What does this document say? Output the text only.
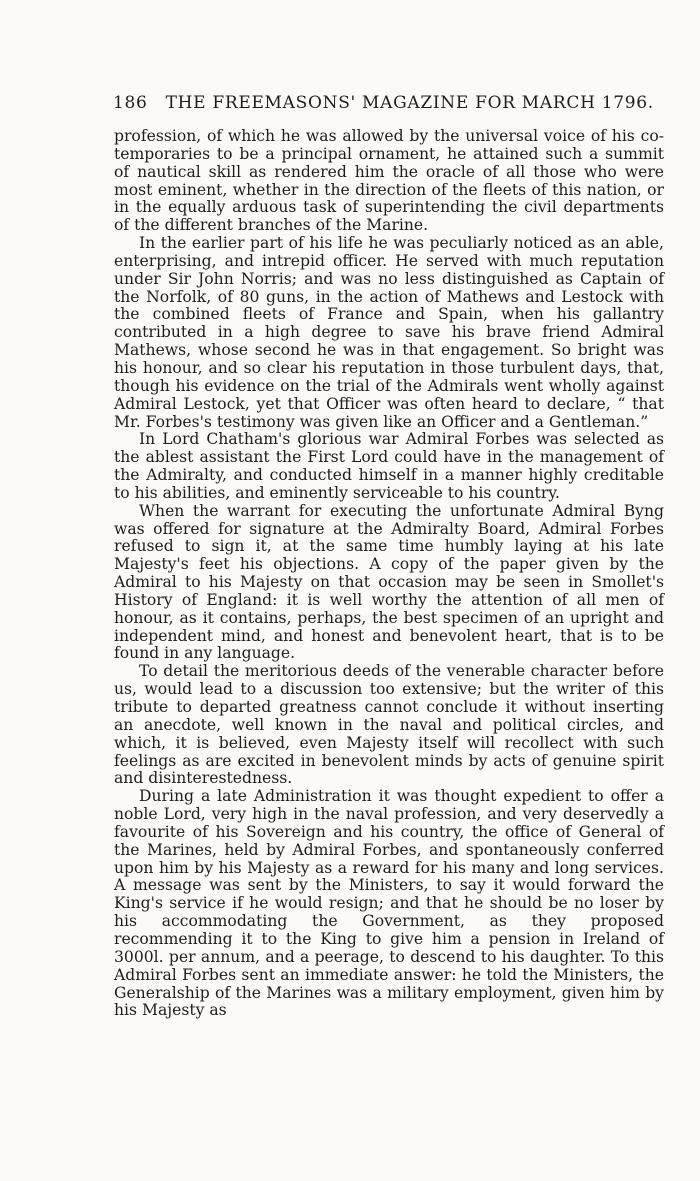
186 THE FREEMASONS' MAGAZINE FOR MARCH 1796.

profession, of which he was allowed by the universal voice of his co-temporaries to be a principal ornament, he attained such a summit of nautical skill as rendered him the oracle of all those who were most eminent, whether in the direction of the fleets of this nation, or in the equally arduous task of superintending the civil departments of the different branches of the Marine.

In the earlier part of his life he was peculiarly noticed as an able, enterprising, and intrepid officer. He served with much reputation under Sir John Norris; and was no less distinguished as Captain of the Norfolk, of 80 guns, in the action of Mathews and Lestock with the combined fleets of France and Spain, when his gallantry contributed in a high degree to save his brave friend Admiral Mathews, whose second he was in that engagement. So bright was his honour, and so clear his reputation in those turbulent days, that, though his evidence on the trial of the Admirals went wholly against Admiral Lestock, yet that Officer was often heard to declare, “ that Mr. Forbes's testimony was given like an Officer and a Gentleman.”

In Lord Chatham's glorious war Admiral Forbes was selected as the ablest assistant the First Lord could have in the management of the Admiralty, and conducted himself in a manner highly creditable to his abilities, and eminently serviceable to his country.

When the warrant for executing the unfortunate Admiral Byng was offered for signature at the Admiralty Board, Admiral Forbes refused to sign it, at the same time humbly laying at his late Majesty's feet his objections. A copy of the paper given by the Admiral to his Majesty on that occasion may be seen in Smollet's History of England: it is well worthy the attention of all men of honour, as it contains, perhaps, the best specimen of an upright and independent mind, and honest and benevolent heart, that is to be found in any language.

To detail the meritorious deeds of the venerable character before us, would lead to a discussion too extensive; but the writer of this tribute to departed greatness cannot conclude it without inserting an anecdote, well known in the naval and political circles, and which, it is believed, even Majesty itself will recollect with such feelings as are excited in benevolent minds by acts of genuine spirit and disinterestedness.

During a late Administration it was thought expedient to offer a noble Lord, very high in the naval profession, and very deservedly a favourite of his Sovereign and his country, the office of General of the Marines, held by Admiral Forbes, and spontaneously conferred upon him by his Majesty as a reward for his many and long services. A message was sent by the Ministers, to say it would forward the King's service if he would resign; and that he should be no loser by his accommodating the Government, as they proposed recommending it to the King to give him a pension in Ireland of 3000l. per annum, and a peerage, to descend to his daughter. To this Admiral Forbes sent an immediate answer: he told the Ministers, the Generalship of the Marines was a military employment, given him by his Majesty as
